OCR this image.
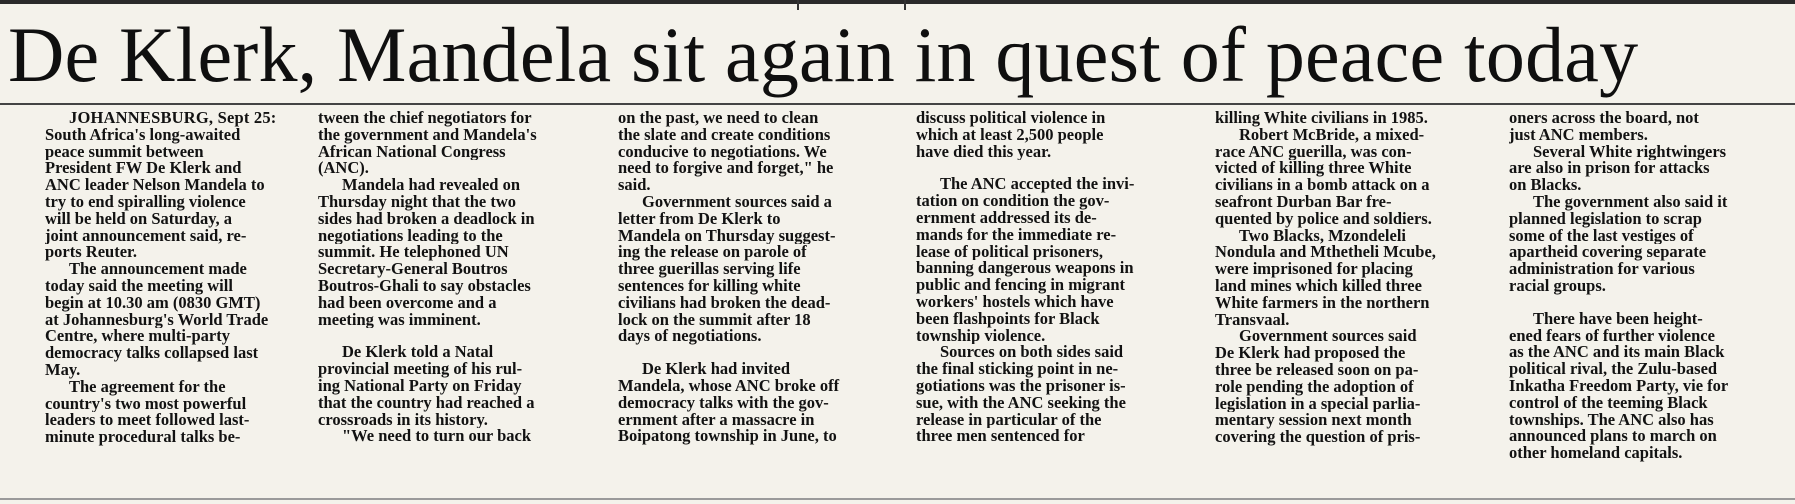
De Klerk, Mandela sit again in quest of peace today
JOHANNESBURG, Sept 25:
South Africa's long-awaited
peace summit between
President FW De Klerk and
ANC leader Nelson Mandela to
try to end spiralling violence
will be held on Saturday, a
joint announcement said, re-
ports Reuter.
The announcement made
today said the meeting will
begin at 10.30 am (0830 GMT)
at Johannesburg's World Trade
Centre, where multi-party
democracy talks collapsed last
May.
The agreement for the
country's two most powerful
leaders to meet followed last-
minute procedural talks be-
tween the chief negotiators for
the government and Mandela's
African National Congress
(ANC).
Mandela had revealed on
Thursday night that the two
sides had broken a deadlock in
negotiations leading to the
summit. He telephoned UN
Secretary-General Boutros
Boutros-Ghali to say obstacles
had been overcome and a
meeting was imminent.
De Klerk told a Natal
provincial meeting of his rul-
ing National Party on Friday
that the country had reached a
crossroads in its history.
"We need to turn our back
on the past, we need to clean
the slate and create conditions
conducive to negotiations. We
need to forgive and forget," he
said.
Government sources said a
letter from De Klerk to
Mandela on Thursday suggest-
ing the release on parole of
three guerillas serving life
sentences for killing white
civilians had broken the dead-
lock on the summit after 18
days of negotiations.
De Klerk had invited
Mandela, whose ANC broke off
democracy talks with the gov-
ernment after a massacre in
Boipatong township in June, to
discuss political violence in
which at least 2,500 people
have died this year.
The ANC accepted the invi-
tation on condition the gov-
ernment addressed its de-
mands for the immediate re-
lease of political prisoners,
banning dangerous weapons in
public and fencing in migrant
workers' hostels which have
been flashpoints for Black
township violence.
Sources on both sides said
the final sticking point in ne-
gotiations was the prisoner is-
sue, with the ANC seeking the
release in particular of the
three men sentenced for
killing White civilians in 1985.
Robert McBride, a mixed-
race ANC guerilla, was con-
victed of killing three White
civilians in a bomb attack on a
seafront Durban Bar fre-
quented by police and soldiers.
Two Blacks, Mzondeleli
Nondula and Mthetheli Mcube,
were imprisoned for placing
land mines which killed three
White farmers in the northern
Transvaal.
Government sources said
De Klerk had proposed the
three be released soon on pa-
role pending the adoption of
legislation in a special parlia-
mentary session next month
covering the question of pris-
oners across the board, not
just ANC members.
Several White rightwingers
are also in prison for attacks
on Blacks.
The government also said it
planned legislation to scrap
some of the last vestiges of
apartheid covering separate
administration for various
racial groups.
There have been height-
ened fears of further violence
as the ANC and its main Black
political rival, the Zulu-based
Inkatha Freedom Party, vie for
control of the teeming Black
townships. The ANC also has
announced plans to march on
other homeland capitals.
